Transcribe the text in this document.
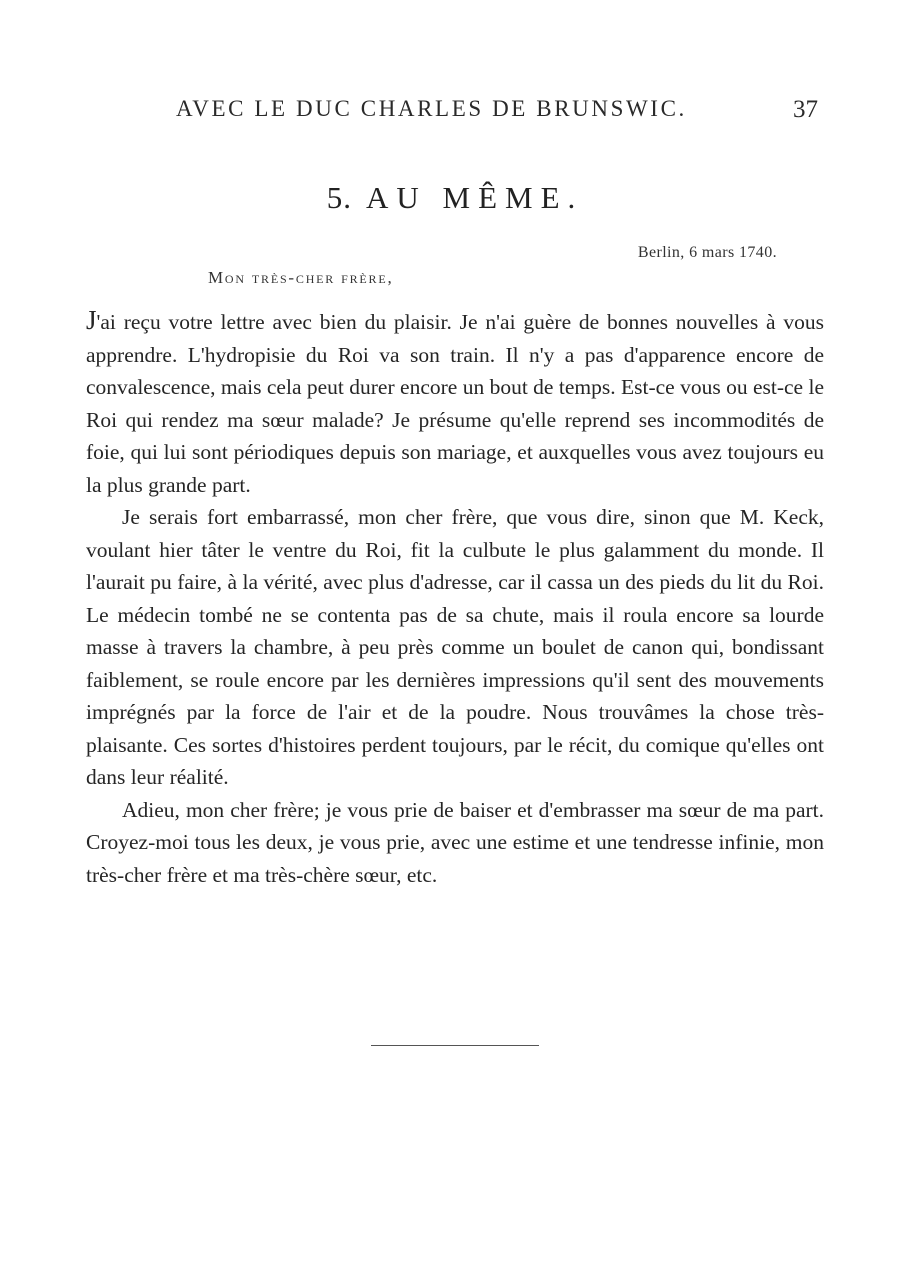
AVEC LE DUC CHARLES DE BRUNSWIC.	37
5. AU MÊME.
Berlin, 6 mars 1740.
Mon très-cher frère,

J'ai reçu votre lettre avec bien du plaisir. Je n'ai guère de bonnes nouvelles à vous apprendre. L'hydropisie du Roi va son train. Il n'y a pas d'apparence encore de convalescence, mais cela peut durer encore un bout de temps. Est-ce vous ou est-ce le Roi qui rendez ma sœur malade? Je présume qu'elle reprend ses incommodités de foie, qui lui sont périodiques depuis son mariage, et auxquelles vous avez toujours eu la plus grande part.

Je serais fort embarrassé, mon cher frère, que vous dire, sinon que M. Keck, voulant hier tâter le ventre du Roi, fit la culbute le plus galamment du monde. Il l'aurait pu faire, à la vérité, avec plus d'adresse, car il cassa un des pieds du lit du Roi. Le médecin tombé ne se contenta pas de sa chute, mais il roula encore sa lourde masse à travers la chambre, à peu près comme un boulet de canon qui, bondissant faiblement, se roule encore par les dernières impressions qu'il sent des mouvements imprégnés par la force de l'air et de la poudre. Nous trouvâmes la chose très-plaisante. Ces sortes d'histoires perdent toujours, par le récit, du comique qu'elles ont dans leur réalité.

Adieu, mon cher frère; je vous prie de baiser et d'embrasser ma sœur de ma part. Croyez-moi tous les deux, je vous prie, avec une estime et une tendresse infinie, mon très-cher frère et ma très-chère sœur, etc.
